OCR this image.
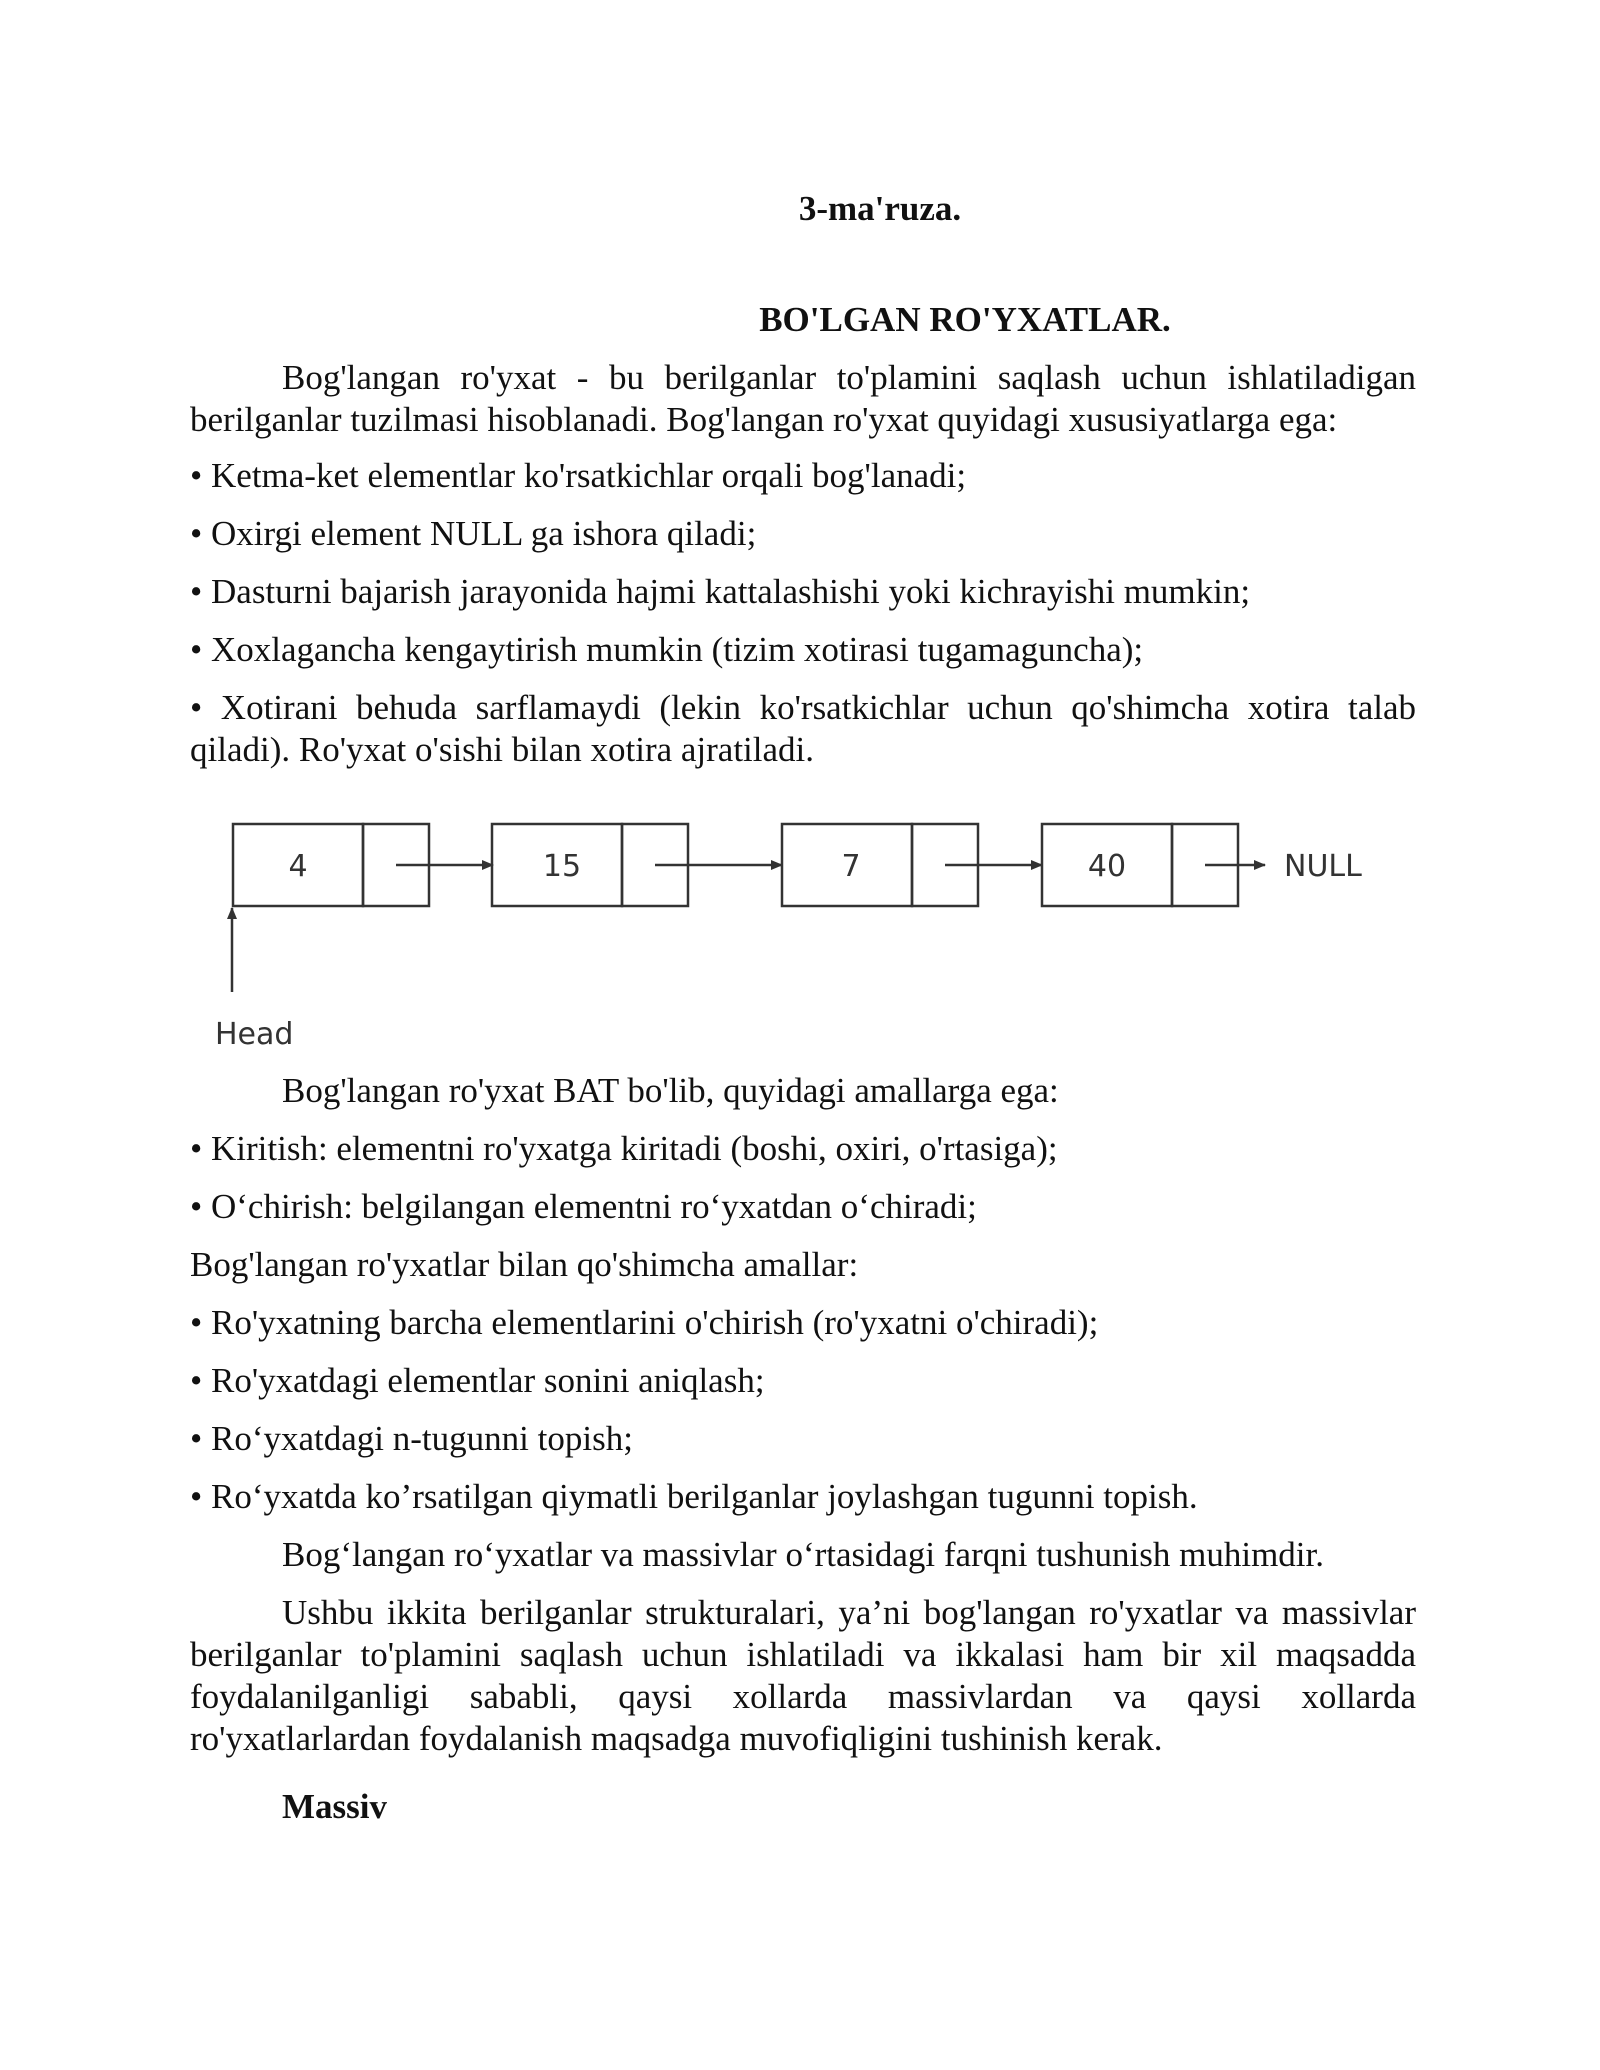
3-ma'ruza.
BO'LGAN RO'YXATLAR.
Bog'langan ro'yxat - bu berilganlar to'plamini saqlash uchun ishlatiladigan berilganlar tuzilmasi hisoblanadi. Bog'langan ro'yxat quyidagi xususiyatlarga ega:
• Ketma-ket elementlar ko'rsatkichlar orqali bog'lanadi;
• Oxirgi element NULL ga ishora qiladi;
• Dasturni bajarish jarayonida hajmi kattalashishi yoki kichrayishi mumkin;
• Xoxlagancha kengaytirish mumkin (tizim xotirasi tugamaguncha);
• Xotirani behuda sarflamaydi (lekin ko'rsatkichlar uchun qo'shimcha xotira talab qiladi). Ro'yxat o'sishi bilan xotira ajratiladi.
4	15	7	40	NULL
Head
Bog'langan ro'yxat BAT bo'lib, quyidagi amallarga ega:
• Kiritish: elementni ro'yxatga kiritadi (boshi, oxiri, o'rtasiga);
• O‘chirish: belgilangan elementni ro‘yxatdan o‘chiradi;
Bog'langan ro'yxatlar bilan qo'shimcha amallar:
• Ro'yxatning barcha elementlarini o'chirish (ro'yxatni o'chiradi);
• Ro'yxatdagi elementlar sonini aniqlash;
• Ro‘yxatdagi n-tugunni topish;
• Ro‘yxatda ko’rsatilgan qiymatli berilganlar joylashgan tugunni topish.
Bog‘langan ro‘yxatlar va massivlar o‘rtasidagi farqni tushunish muhimdir.
Ushbu ikkita berilganlar strukturalari, ya’ni bog'langan ro'yxatlar va massivlar berilganlar to'plamini saqlash uchun ishlatiladi va ikkalasi ham bir xil maqsadda foydalanilganligi sababli, qaysi xollarda massivlardan va qaysi xollarda ro'yxatlarlardan foydalanish maqsadga muvofiqligini tushinish kerak.
Massiv
